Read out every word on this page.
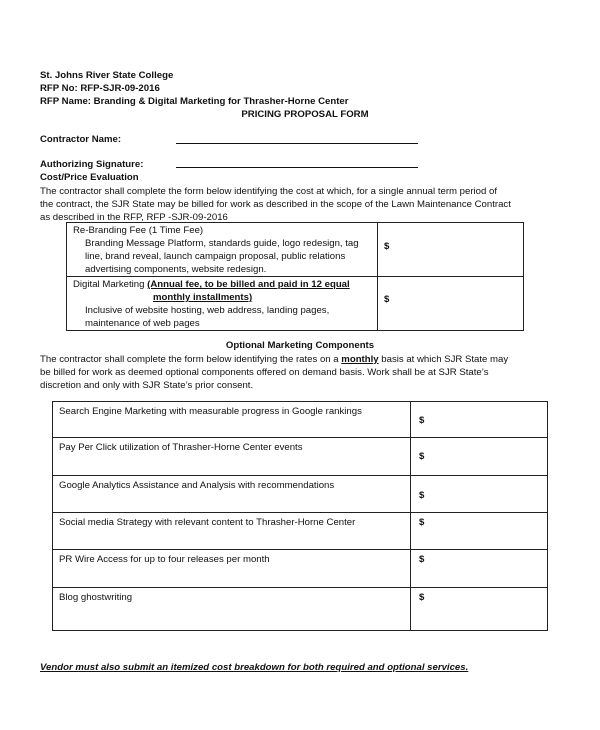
St. Johns River State College
RFP No: RFP-SJR-09-2016
RFP Name: Branding & Digital Marketing for Thrasher-Horne Center
PRICING PROPOSAL FORM
Contractor Name:
Authorizing Signature:
Cost/Price Evaluation
The contractor shall complete the form below identifying the cost at which, for a single annual term period of
the contract, the SJR State may be billed for work as described in the scope of the Lawn Maintenance Contract
as described in the RFP, RFP -SJR-09-2016
Re-Branding Fee (1 Time Fee)
Branding Message Platform, standards guide, logo redesign, tag
line, brand reveal, launch campaign proposal, public relations
advertising components, website redesign.	$

Digital Marketing (Annual fee, to be billed and paid in 12 equal
monthly installments)
Inclusive of website hosting, web address, landing pages,
maintenance of web pages	$
Optional Marketing Components
The contractor shall complete the form below identifying the rates on a monthly basis at which SJR State may
be billed for work as deemed optional components offered on demand basis. Work shall be at SJR State’s
discretion and only with SJR State’s prior consent.
Search Engine Marketing with measurable progress in Google rankings	$

Pay Per Click utilization of Thrasher-Horne Center events	$

Google Analytics Assistance and Analysis with recommendations	$

Social media Strategy with relevant content to Thrasher-Horne Center	$

PR Wire Access for up to four releases per month	$

Blog ghostwriting	$
Vendor must also submit an itemized cost breakdown for both required and optional services.
